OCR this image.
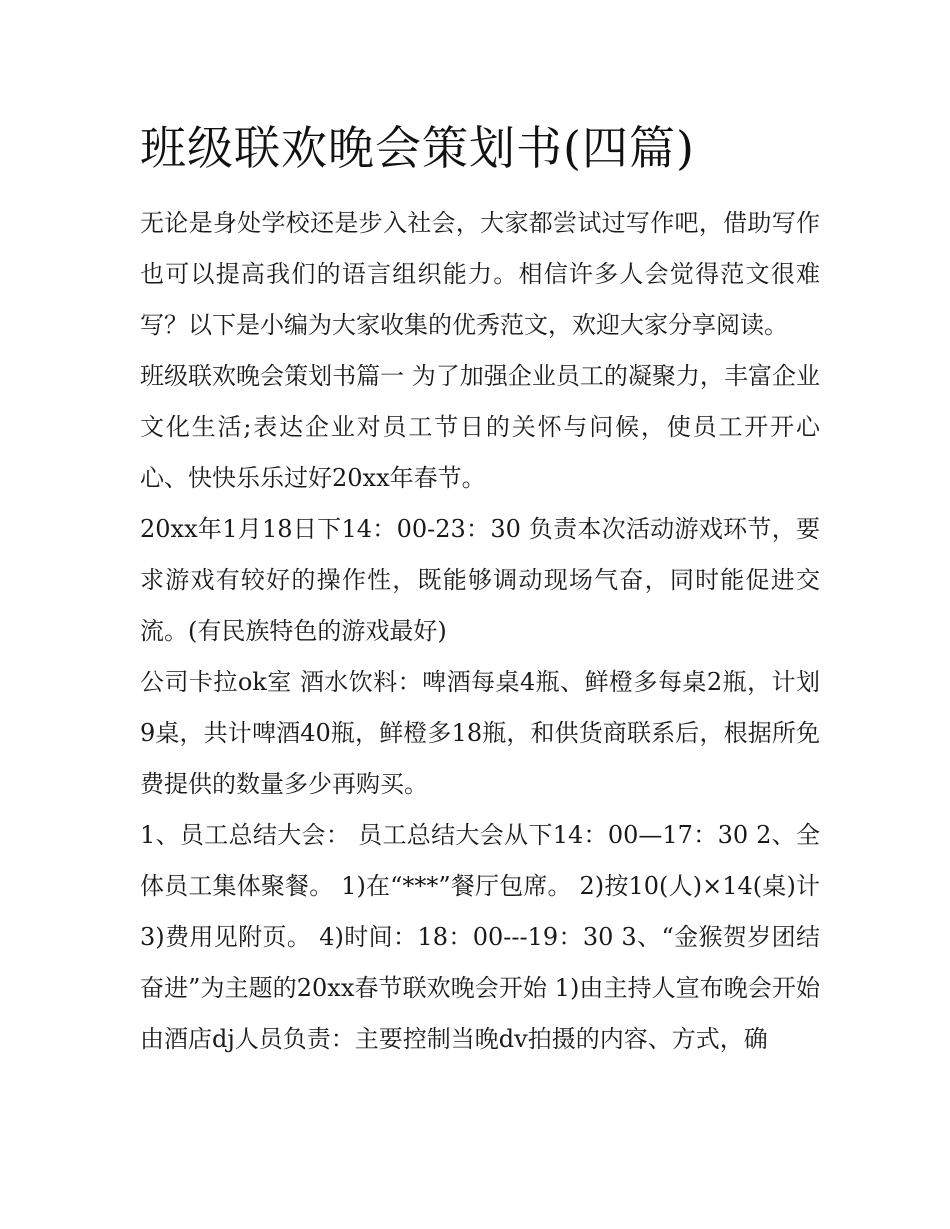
班级联欢晚会策划书(四篇)

无论是身处学校还是步入社会，大家都尝试过写作吧，借助写作也可以提高我们的语言组织能力。相信许多人会觉得范文很难写？以下是小编为大家收集的优秀范文，欢迎大家分享阅读。

班级联欢晚会策划书篇一 为了加强企业员工的凝聚力，丰富企业文化生活;表达企业对员工节日的关怀与问候，使员工开开心心、快快乐乐过好20xx年春节。

20xx年1月18日下14：00-23：30 负责本次活动游戏环节，要求游戏有较好的操作性，既能够调动现场气奋，同时能促进交流。(有民族特色的游戏最好)

公司卡拉ok室 酒水饮料：啤酒每桌4瓶、鲜橙多每桌2瓶，计划9桌，共计啤酒40瓶，鲜橙多18瓶，和供货商联系后，根据所免费提供的数量多少再购买。

1、员工总结大会： 员工总结大会从下14：00—17：30 2、全体员工集体聚餐。 1)在“***”餐厅包席。 2)按10(人)×14(桌)计 3)费用见附页。 4)时间：18：00---19：30 3、“金猴贺岁团结奋进”为主题的20xx春节联欢晚会开始 1)由主持人宣布晚会开始 由酒店dj人员负责：主要控制当晚dv拍摄的内容、方式，确
